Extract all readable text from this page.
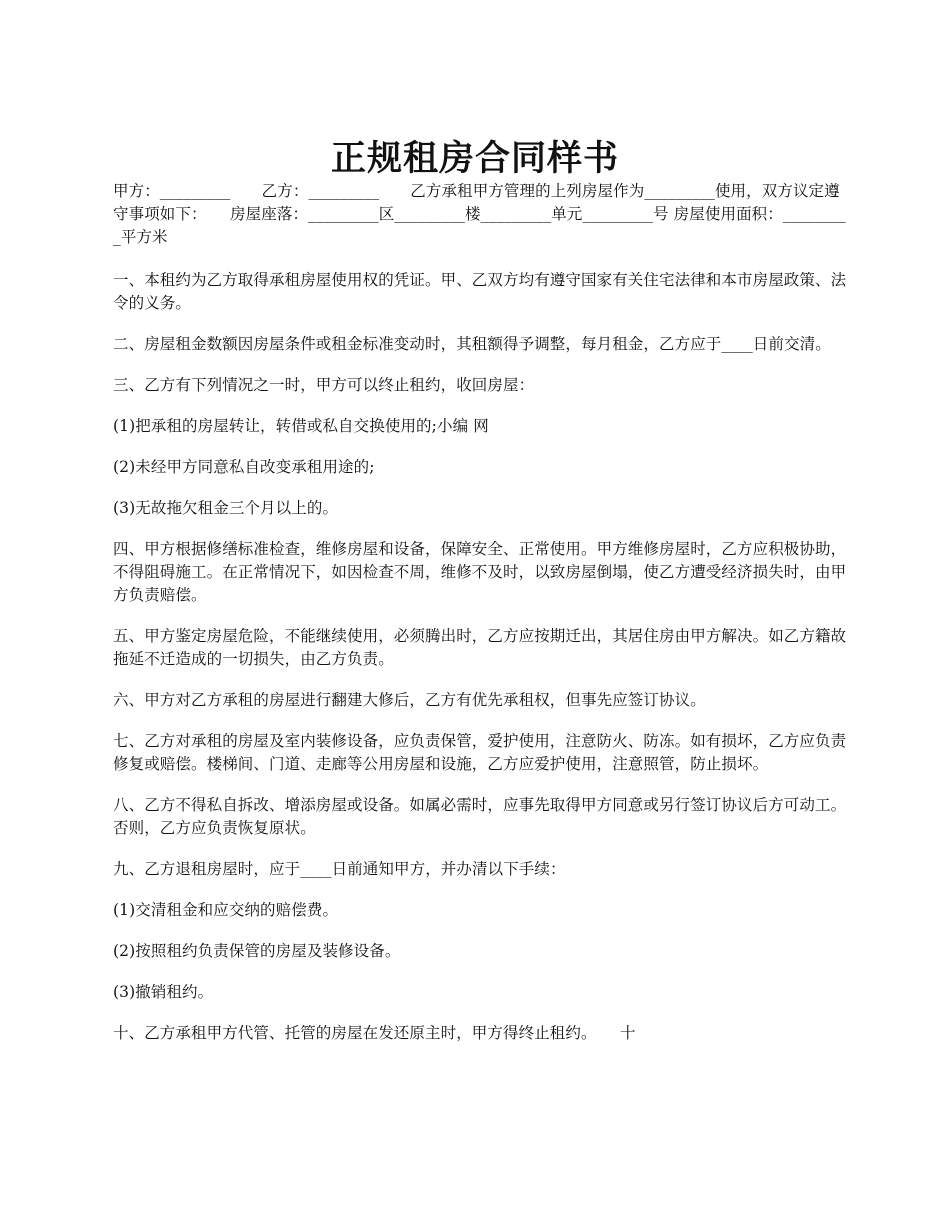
正规租房合同样书

甲方：_________　　乙方：_________　　乙方承租甲方管理的上列房屋作为_________使用，双方议定遵守事项如下：　　房屋座落：_________区_________楼_________单元_________号 房屋使用面积：_________平方米

一、本租约为乙方取得承租房屋使用权的凭证。甲、乙双方均有遵守国家有关住宅法律和本市房屋政策、法令的义务。

二、房屋租金数额因房屋条件或租金标准变动时，其租额得予调整，每月租金，乙方应于____日前交清。

三、乙方有下列情况之一时，甲方可以终止租约，收回房屋：

(1)把承租的房屋转让，转借或私自交换使用的;小编 网

(2)未经甲方同意私自改变承租用途的;

(3)无故拖欠租金三个月以上的。

四、甲方根据修缮标准检查，维修房屋和设备，保障安全、正常使用。甲方维修房屋时，乙方应积极协助，不得阻碍施工。在正常情况下，如因检查不周，维修不及时，以致房屋倒塌，使乙方遭受经济损失时，由甲方负责赔偿。

五、甲方鉴定房屋危险，不能继续使用，必须腾出时，乙方应按期迁出，其居住房由甲方解决。如乙方籍故拖延不迁造成的一切损失，由乙方负责。

六、甲方对乙方承租的房屋进行翻建大修后，乙方有优先承租权，但事先应签订协议。

七、乙方对承租的房屋及室内装修设备，应负责保管，爱护使用，注意防火、防冻。如有损坏，乙方应负责修复或赔偿。楼梯间、门道、走廊等公用房屋和设施，乙方应爱护使用，注意照管，防止损坏。

八、乙方不得私自拆改、增添房屋或设备。如属必需时，应事先取得甲方同意或另行签订协议后方可动工。否则，乙方应负责恢复原状。

九、乙方退租房屋时，应于____日前通知甲方，并办清以下手续：

(1)交清租金和应交纳的赔偿费。

(2)按照租约负责保管的房屋及装修设备。

(3)撤销租约。

十、乙方承租甲方代管、托管的房屋在发还原主时，甲方得终止租约。　　十
